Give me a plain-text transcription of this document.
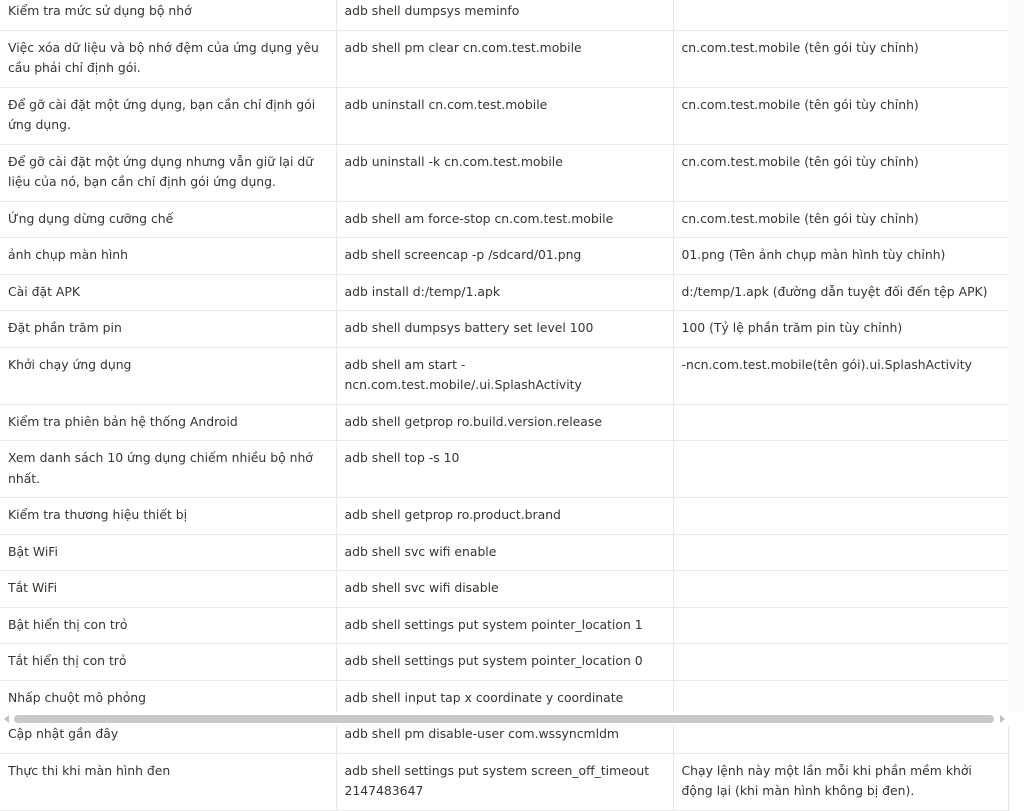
Kiểm tra mức sử dụng bộ nhớ	adb shell dumpsys meminfo	
Việc xóa dữ liệu và bộ nhớ đệm của ứng dụng yêu cầu phải chỉ định gói.	adb shell pm clear cn.com.test.mobile	cn.com.test.mobile (tên gói tùy chỉnh)
Để gỡ cài đặt một ứng dụng, bạn cần chỉ định gói ứng dụng.	adb uninstall cn.com.test.mobile	cn.com.test.mobile (tên gói tùy chỉnh)
Để gỡ cài đặt một ứng dụng nhưng vẫn giữ lại dữ liệu của nó, bạn cần chỉ định gói ứng dụng.	adb uninstall -k cn.com.test.mobile	cn.com.test.mobile (tên gói tùy chỉnh)
Ứng dụng dừng cưỡng chế	adb shell am force-stop cn.com.test.mobile	cn.com.test.mobile (tên gói tùy chỉnh)
ảnh chụp màn hình	adb shell screencap -p /sdcard/01.png	01.png (Tên ảnh chụp màn hình tùy chỉnh)
Cài đặt APK	adb install d:/temp/1.apk	d:/temp/1.apk (đường dẫn tuyệt đối đến tệp APK)
Đặt phần trăm pin	adb shell dumpsys battery set level 100	100 (Tỷ lệ phần trăm pin tùy chỉnh)
Khởi chạy ứng dụng	adb shell am start -ncn.com.test.mobile/.ui.SplashActivity	-ncn.com.test.mobile(tên gói).ui.SplashActivity
Kiểm tra phiên bản hệ thống Android	adb shell getprop ro.build.version.release	
Xem danh sách 10 ứng dụng chiếm nhiều bộ nhớ nhất.	adb shell top -s 10	
Kiểm tra thương hiệu thiết bị	adb shell getprop ro.product.brand	
Bật WiFi	adb shell svc wifi enable	
Tắt WiFi	adb shell svc wifi disable	
Bật hiển thị con trỏ	adb shell settings put system pointer_location 1	
Tắt hiển thị con trỏ	adb shell settings put system pointer_location 0	
Nhấp chuột mô phỏng	adb shell input tap x coordinate y coordinate	
Cập nhật gần đây	adb shell pm disable-user com.wssyncmldm	
Thực thi khi màn hình đen	adb shell settings put system screen_off_timeout 2147483647	Chạy lệnh này một lần mỗi khi phần mềm khởi động lại (khi màn hình không bị đen).
